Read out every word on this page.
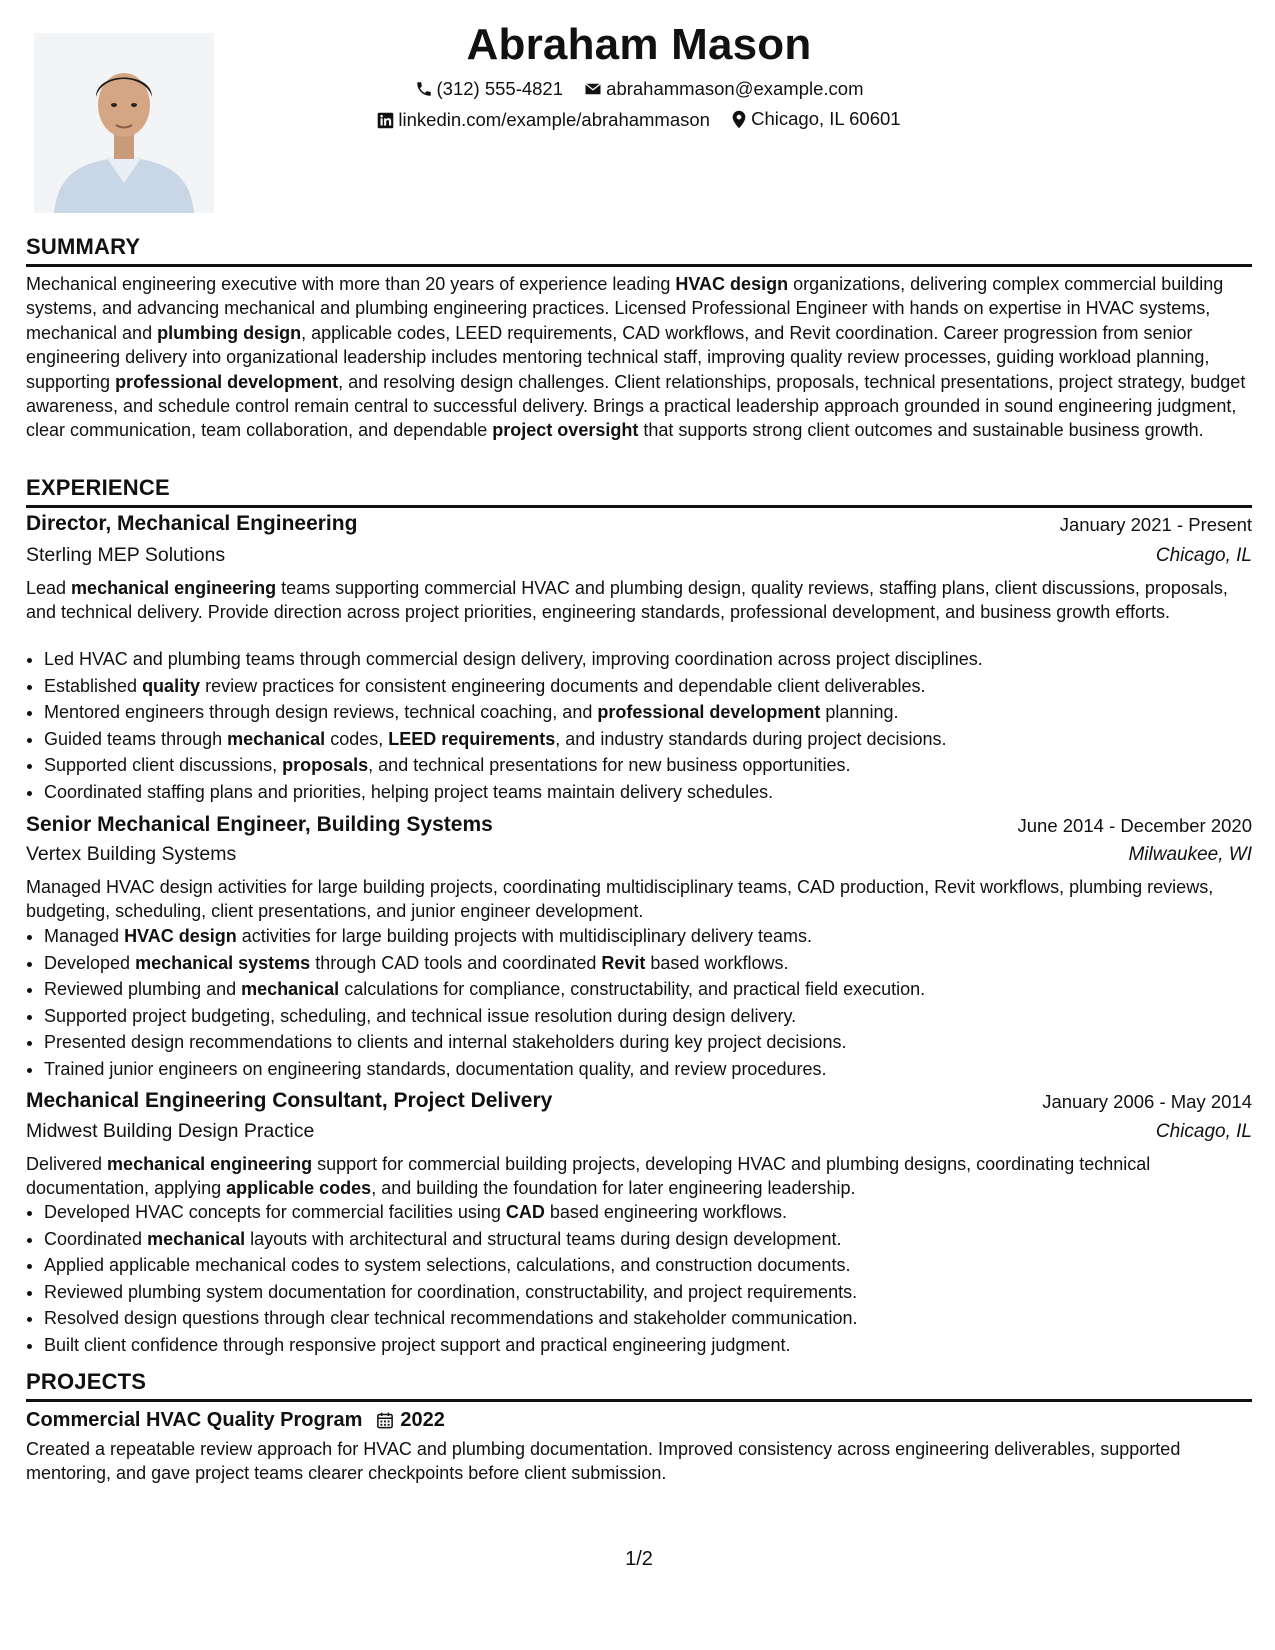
Abraham Mason
(312) 555-4821
abrahammason@example.com
linkedin.com/example/abrahammason
Chicago, IL 60601
SUMMARY
Mechanical engineering executive with more than 20 years of experience leading HVAC design organizations, delivering complex commercial building systems, and advancing mechanical and plumbing engineering practices. Licensed Professional Engineer with hands on expertise in HVAC systems, mechanical and plumbing design, applicable codes, LEED requirements, CAD workflows, and Revit coordination. Career progression from senior engineering delivery into organizational leadership includes mentoring technical staff, improving quality review processes, guiding workload planning, supporting professional development, and resolving design challenges. Client relationships, proposals, technical presentations, project strategy, budget awareness, and schedule control remain central to successful delivery. Brings a practical leadership approach grounded in sound engineering judgment, clear communication, team collaboration, and dependable project oversight that supports strong client outcomes and sustainable business growth.
EXPERIENCE
Director, Mechanical Engineering	January 2021 - Present
Sterling MEP Solutions	Chicago, IL
Lead mechanical engineering teams supporting commercial HVAC and plumbing design, quality reviews, staffing plans, client discussions, proposals, and technical delivery. Provide direction across project priorities, engineering standards, professional development, and business growth efforts.
• Led HVAC and plumbing teams through commercial design delivery, improving coordination across project disciplines.
• Established quality review practices for consistent engineering documents and dependable client deliverables.
• Mentored engineers through design reviews, technical coaching, and professional development planning.
• Guided teams through mechanical codes, LEED requirements, and industry standards during project decisions.
• Supported client discussions, proposals, and technical presentations for new business opportunities.
• Coordinated staffing plans and priorities, helping project teams maintain delivery schedules.
Senior Mechanical Engineer, Building Systems	June 2014 - December 2020
Vertex Building Systems	Milwaukee, WI
Managed HVAC design activities for large building projects, coordinating multidisciplinary teams, CAD production, Revit workflows, plumbing reviews, budgeting, scheduling, client presentations, and junior engineer development.
• Managed HVAC design activities for large building projects with multidisciplinary delivery teams.
• Developed mechanical systems through CAD tools and coordinated Revit based workflows.
• Reviewed plumbing and mechanical calculations for compliance, constructability, and practical field execution.
• Supported project budgeting, scheduling, and technical issue resolution during design delivery.
• Presented design recommendations to clients and internal stakeholders during key project decisions.
• Trained junior engineers on engineering standards, documentation quality, and review procedures.
Mechanical Engineering Consultant, Project Delivery	January 2006 - May 2014
Midwest Building Design Practice	Chicago, IL
Delivered mechanical engineering support for commercial building projects, developing HVAC and plumbing designs, coordinating technical documentation, applying applicable codes, and building the foundation for later engineering leadership.
• Developed HVAC concepts for commercial facilities using CAD based engineering workflows.
• Coordinated mechanical layouts with architectural and structural teams during design development.
• Applied applicable mechanical codes to system selections, calculations, and construction documents.
• Reviewed plumbing system documentation for coordination, constructability, and project requirements.
• Resolved design questions through clear technical recommendations and stakeholder communication.
• Built client confidence through responsive project support and practical engineering judgment.
PROJECTS
Commercial HVAC Quality Program 2022
Created a repeatable review approach for HVAC and plumbing documentation. Improved consistency across engineering deliverables, supported mentoring, and gave project teams clearer checkpoints before client submission.
1/2
